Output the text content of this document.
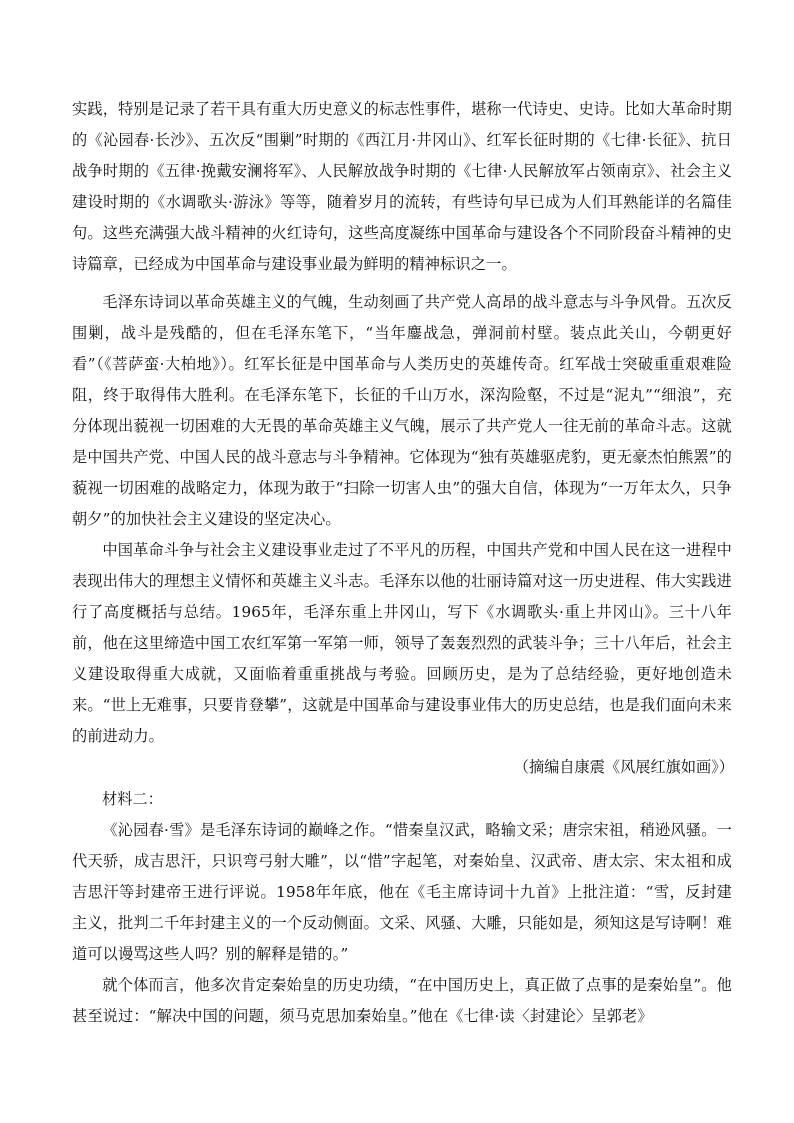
实践，特别是记录了若干具有重大历史意义的标志性事件，堪称一代诗史、史诗。比如大革命时期的《沁园春·长沙》、五次反“围剿”时期的《西江月·井冈山》、红军长征时期的《七律·长征》、抗日战争时期的《五律·挽戴安澜将军》、人民解放战争时期的《七律·人民解放军占领南京》、社会主义建设时期的《水调歌头·游泳》等等，随着岁月的流转，有些诗句早已成为人们耳熟能详的名篇佳句。这些充满强大战斗精神的火红诗句，这些高度凝练中国革命与建设各个不同阶段奋斗精神的史诗篇章，已经成为中国革命与建设事业最为鲜明的精神标识之一。

毛泽东诗词以革命英雄主义的气魄，生动刻画了共产党人高昂的战斗意志与斗争风骨。五次反围剿，战斗是残酷的，但在毛泽东笔下，“当年鏖战急，弹洞前村壁。装点此关山，今朝更好看”（《菩萨蛮·大柏地》）。红军长征是中国革命与人类历史的英雄传奇。红军战士突破重重艰难险阻，终于取得伟大胜利。在毛泽东笔下，长征的千山万水，深沟险壑，不过是“泥丸”“细浪”，充分体现出藐视一切困难的大无畏的革命英雄主义气魄，展示了共产党人一往无前的革命斗志。这就是中国共产党、中国人民的战斗意志与斗争精神。它体现为“独有英雄驱虎豹，更无豪杰怕熊罴”的藐视一切困难的战略定力，体现为敢于“扫除一切害人虫”的强大自信，体现为“一万年太久，只争朝夕”的加快社会主义建设的坚定决心。

中国革命斗争与社会主义建设事业走过了不平凡的历程，中国共产党和中国人民在这一进程中表现出伟大的理想主义情怀和英雄主义斗志。毛泽东以他的壮丽诗篇对这一历史进程、伟大实践进行了高度概括与总结。1965年，毛泽东重上井冈山，写下《水调歌头·重上井冈山》。三十八年前，他在这里缔造中国工农红军第一军第一师，领导了轰轰烈烈的武装斗争；三十八年后，社会主义建设取得重大成就，又面临着重重挑战与考验。回顾历史，是为了总结经验，更好地创造未来。“世上无难事，只要肯登攀”，这就是中国革命与建设事业伟大的历史总结，也是我们面向未来的前进动力。

（摘编自康震《风展红旗如画》）

材料二：

《沁园春·雪》是毛泽东诗词的巅峰之作。“惜秦皇汉武，略输文采；唐宗宋祖，稍逊风骚。一代天骄，成吉思汗，只识弯弓射大雕”，以“惜”字起笔，对秦始皇、汉武帝、唐太宗、宋太祖和成吉思汗等封建帝王进行评说。1958年年底，他在《毛主席诗词十九首》上批注道：“雪，反封建主义，批判二千年封建主义的一个反动侧面。文采、风骚、大雕，只能如是，须知这是写诗啊！难道可以谩骂这些人吗？别的解释是错的。”

就个体而言，他多次肯定秦始皇的历史功绩，“在中国历史上，真正做了点事的是秦始皇”。他甚至说过：“解决中国的问题，须马克思加秦始皇。”他在《七律·读〈封建论〉呈郭老》
